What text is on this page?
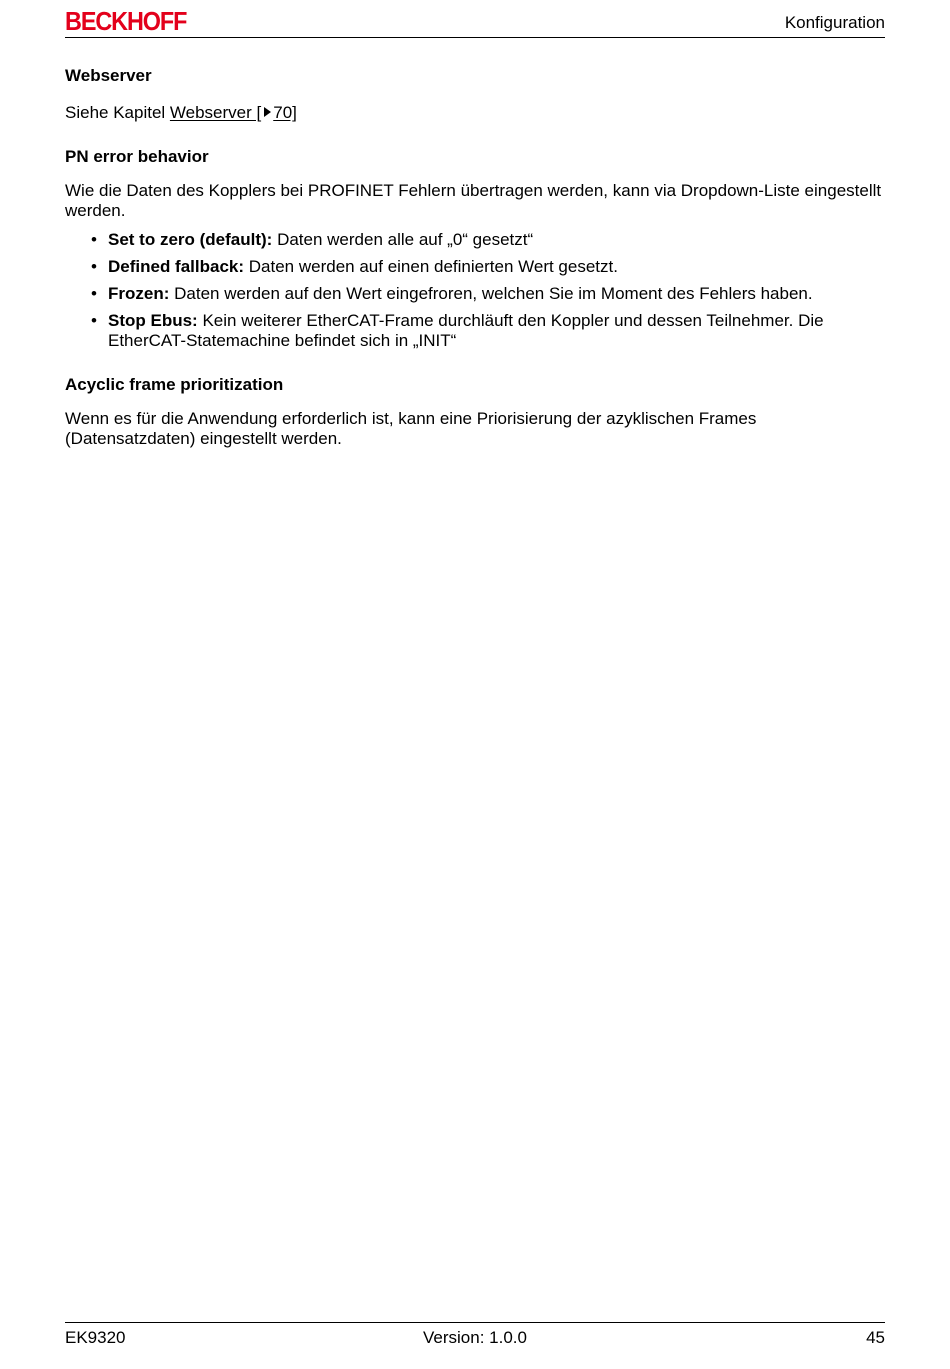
BECKHOFF	Konfiguration
Webserver

Siehe Kapitel Webserver [ 70]

PN error behavior

Wie die Daten des Kopplers bei PROFINET Fehlern übertragen werden, kann via Dropdown-Liste eingestellt werden.

• Set to zero (default): Daten werden alle auf „0“ gesetzt“
• Defined fallback: Daten werden auf einen definierten Wert gesetzt.
• Frozen: Daten werden auf den Wert eingefroren, welchen Sie im Moment des Fehlers haben.
• Stop Ebus: Kein weiterer EtherCAT-Frame durchläuft den Koppler und dessen Teilnehmer. Die EtherCAT-Statemachine befindet sich in „INIT“
Acyclic frame prioritization

Wenn es für die Anwendung erforderlich ist, kann eine Priorisierung der azyklischen Frames (Datensatzdaten) eingestellt werden.

EK9320	Version: 1.0.0	45
